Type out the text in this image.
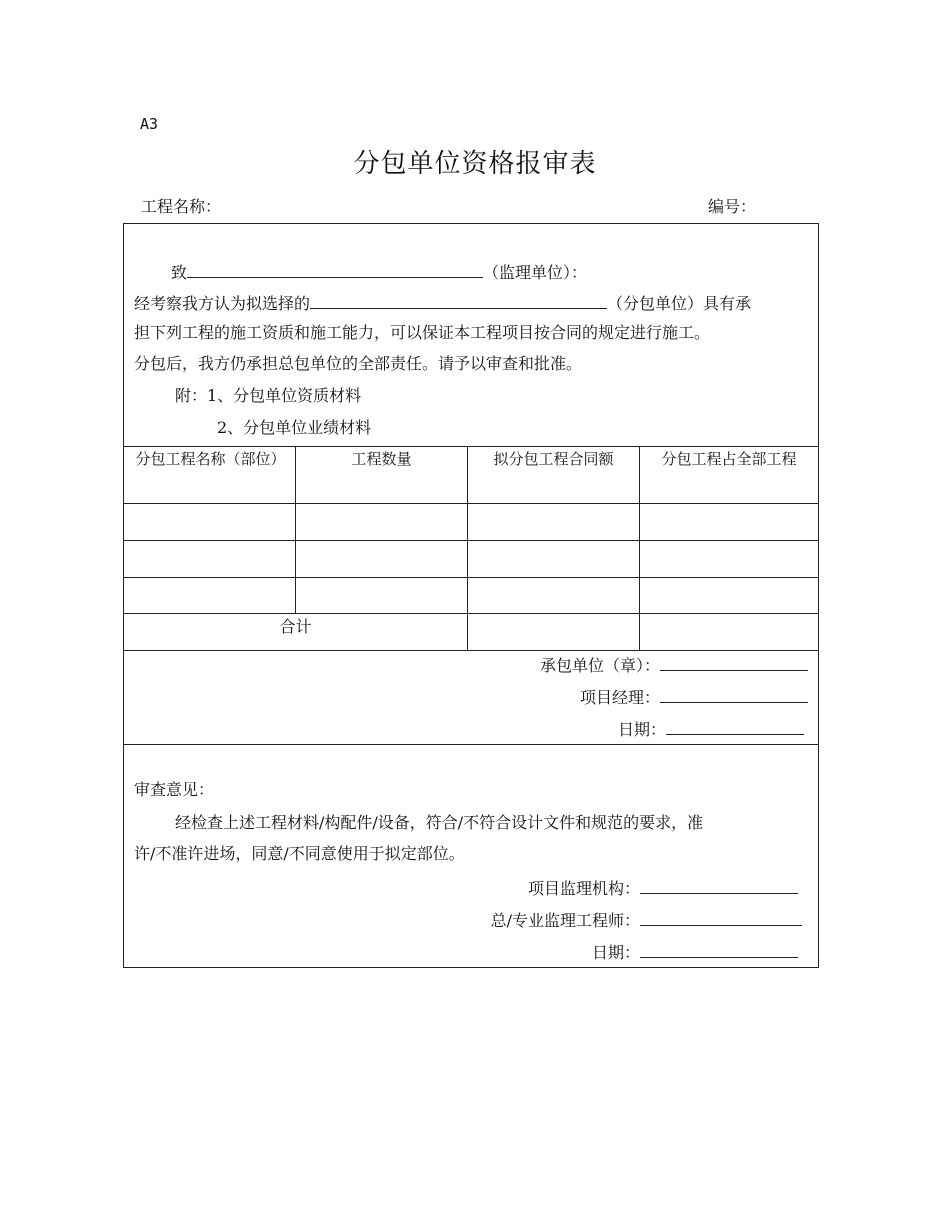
A3
分包单位资格报审表
工程名称：	编号：
致	（监理单位）：
经考察我方认为拟选择的	（分包单位）具有承
担下列工程的施工资质和施工能力，可以保证本工程项目按合同的规定进行施工。
分包后，我方仍承担总包单位的全部责任。请予以审查和批准。
附：1、分包单位资质材料
2、分包单位业绩材料
分包工程名称（部位）	工程数量	拟分包工程合同额	分包工程占全部工程
合计
承包单位（章）：
项目经理：
日期：
审查意见：
经检查上述工程材料/构配件/设备，符合/不符合设计文件和规范的要求，准
许/不准许进场，同意/不同意使用于拟定部位。
项目监理机构：
总/专业监理工程师：
日期：
